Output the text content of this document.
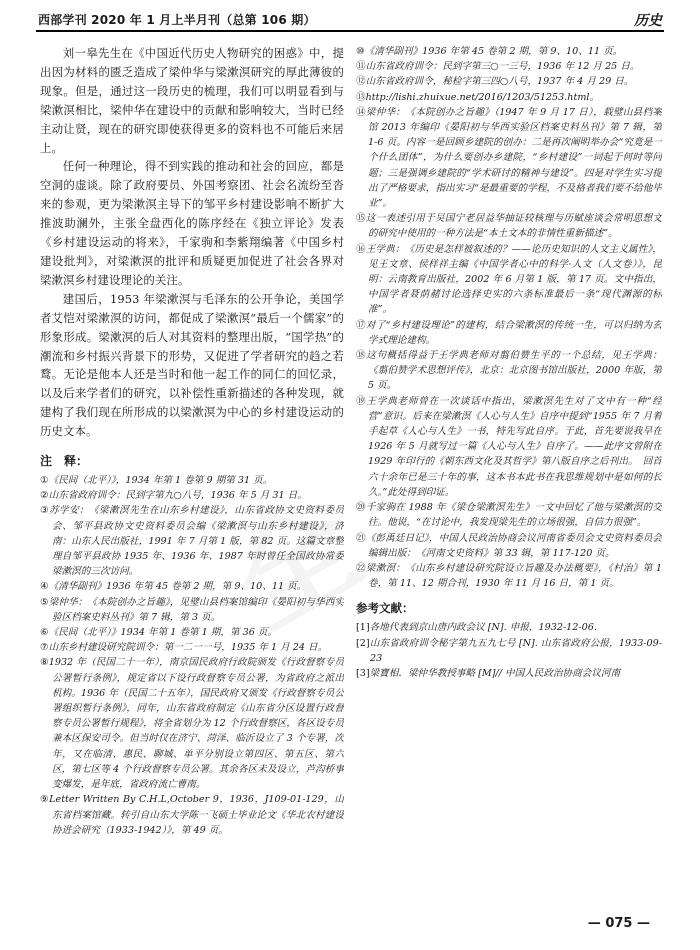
西部学刊 2020 年 1 月上半月刊（总第 106 期）	历史

刘一皋先生在《中国近代历史人物研究的困惑》中，提出因为材料的匮乏造成了梁仲华与梁漱溟研究的厚此薄彼的现象。但是，通过这一段历史的梳理，我们可以明显看到与梁漱溟相比，梁仲华在建设中的贡献和影响较大，当时已经主动让贤，现在的研究即使获得更多的资料也不可能后来居上。

任何一种理论，得不到实践的推动和社会的回应，都是空洞的虚谈。除了政府要员、外国考察团、社会名流纷至沓来的参观，更为梁漱溟主导下的邹平乡村建设影响不断扩大推波助澜外，主张全盘西化的陈序经在《独立评论》发表《乡村建设运动的将来》，千家驹和李紫翔编著《中国乡村建设批判》，对梁漱溟的批评和质疑更加促进了社会各界对梁漱溟乡村建设理论的关注。

建国后，1953 年梁漱溟与毛泽东的公开争论，美国学者艾恺对梁漱溟的访问，都促成了梁漱溟“最后一个儒家”的形象形成。梁漱溟的后人对其资料的整理出版，“国学热”的潮流和乡村振兴背景下的形势，又促进了学者研究的趋之若鹜。无论是他本人还是当时和他一起工作的同仁的回忆录，以及后来学者们的研究，以补偿性重新描述的各种发现，就建构了我们现在所形成的以梁漱溟为中心的乡村建设运动的历史文本。

注　释：

①《民间（北平）》，1934 年第 1 卷第 9 期第 31 页。

②山东省政府训令：民到字第九○八号，1936 年 5 月 31 日。

③苏学安：《梁漱溟先生在山东乡村建设》，山东省政协文史资料委员会、邹平县政协文史资料委员会编《梁漱溟与山东乡村建设》，济南：山东人民出版社，1991 年 7 月第 1 版，第 82 页。这篇文章整理自邹平县政协 1935 年、1936 年、1987 年时曾任全国政协常委梁漱溟的三次访问。

④《清华副刊》1936 年第 45 卷第 2 期，第 9、10、11 页。

⑤梁仲华：《本院创办之旨趣》，见璧山县档案馆编印《晏阳初与华西实验区档案史料丛刊》第 7 辑，第 3 页。

⑥《民间（北平）》1934 年第 1 卷第 1 期，第 36 页。

⑦山东乡村建设研究院训令：第一二一一号，1935 年 1 月 24 日。

⑧1932 年（民国二十一年），南京国民政府行政院颁发《行政督察专员公署暂行条例》，规定省以下设行政督察专员公署，为省政府之派出机构。1936 年（民国二十五年），国民政府又颁发《行政督察专员公署组织暂行条例》，同年，山东省政府制定《山东省分区设置行政督察专员公署暂行规程》，将全省划分为 12 个行政督察区，各区设专员兼本区保安司令。但当时仅在济宁、菏泽、临沂设立了 3 个专署，次年，又在临清、惠民、聊城、单平分别设立第四区、第五区、第六区，第七区等 4 个行政督察专员公署。其余各区未及设立，芦沟桥事变爆发，是年底，省政府流亡曹南。

⑨Letter Written By C.H.L,October 9，1936，J109-01-129，山东省档案馆藏。转引自山东大学陈一飞硕士毕业论文《华北农村建设协进会研究（1933-1942）》，第 49 页。

⑩《清华副刊》1936 年第 45 卷第 2 期，第 9、10、11 页。

⑪山东省政府训令：民到字第三○一三号，1936 年 12 月 25 日。

⑫山东省政府训令，秘检字第三四○八号，1937 年 4 月 29 日。

⑬http://lishi.zhuixue.net/2016/1203/51253.html。

⑭梁仲华：《本院创办之旨趣》（1947 年 9 月 17 日），载璧山县档案馆 2013 年编印《晏阳初与华西实验区档案史料丛刊》第 7 辑，第 1-6 页。内容一是回顾乡建院的创办：二是再次阐明举办会“究竟是一个什么团体”，为什么要创办乡建院，“乡村建设”一词起于何时等问题；三是强调乡建院的“学术研讨的精神与建设”。四是对学生实习提出了严格要求，指出实习“是最重要的学程，不及格者我们要不给他毕业”。

⑮这一表述引用于吴国宁老居益华抽证较核理与历赋座谈会常明思想文的研究中使用的一种方法是“本土文本的非情性重新描述”。

⑯王学典：《历史是怎样被叙述的？——论历史知识的人文主义属性》，见王文章、侯样祥主编《中国学者心中的科学·人文（人文卷）》，昆明：云南教育出版社，2002 年 6 月第 1 版，第 17 页。文中指出，中国学者聂荫赭讨论选择史实的六条标准最后一条“现代渊源的标准”。

⑰对了“乡村建设理论”的建构，结合梁漱溟的传统一生，可以归纳为玄学式理论建构。

⑱这句概括得益于王学典老师对翦伯赞生平的一个总结，见王学典：《翦伯赞学术思想评传》，北京：北京图书馆出版社，2000 年版，第 5 页。

⑲王学典老师曾在一次谈话中指出，梁漱溟先生对了文中有一种“经营”意识。后来在梁漱溟《人心与人生》自序中提到“1955 年 7 月着手起草《人心与人生》一书，特先写此自序。于此，首先要说我早在 1926 年 5 月就写过一篇《人心与人生》自序了。——此序文曾附在 1929 年印行的《朝东西文化及其哲学》第八版自序之后刊出。　回首六十余年已是三十年的事，这本书本此书在我思维规划中是如何的长久。”此处得到印证。

⑳千家驹在 1988 年《梁仓梁漱溟先生》一文中回忆了他与梁漱溟的交往。他说，“在讨论中，我发现梁先生的立场很强，自信力很强”。

㉑《彭禹廷日记》，中国人民政治协商会议河南省委员会文史资料委员会编辑出版：《河南文史资料》第 33 辑，第 117-120 页。

㉒梁漱溟：《山东乡村建设研究院设立旨趣及办法概要》，《村治》第 1 卷，第 11、12 期合刊，1930 年 11 月 16 日，第 1 页。

参考文献：

[1]各地代表到京山唐内政会议 [N]. 申报，1932-12-06.

[2]山东省政府训令秘字第九五九七号 [N]. 山东省政府公报，1933-09-23

[3]梁寶相．梁仲华教授事略 [M]// 中国人民政治协商会议河南

— 075 —
